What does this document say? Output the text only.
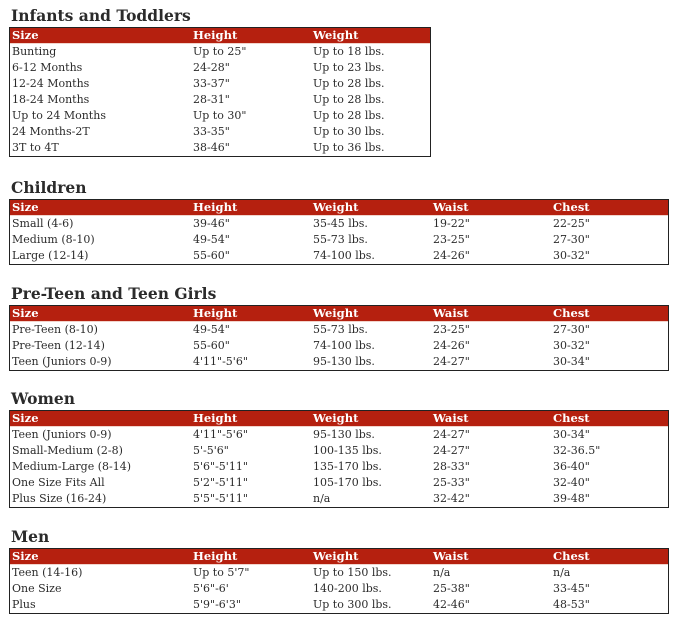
Infants and Toddlers
Size	Height	Weight
Bunting	Up to 25"	Up to 18 lbs.
6-12 Months	24-28"	Up to 23 lbs.
12-24 Months	33-37"	Up to 28 lbs.
18-24 Months	28-31"	Up to 28 lbs.
Up to 24 Months	Up to 30"	Up to 28 lbs.
24 Months-2T	33-35"	Up to 30 lbs.
3T to 4T	38-46"	Up to 36 lbs.
Children
Size	Height	Weight	Waist	Chest
Small (4-6)	39-46"	35-45 lbs.	19-22"	22-25"
Medium (8-10)	49-54"	55-73 lbs.	23-25"	27-30"
Large (12-14)	55-60"	74-100 lbs.	24-26"	30-32"
Pre-Teen and Teen Girls
Size	Height	Weight	Waist	Chest
Pre-Teen (8-10)	49-54"	55-73 lbs.	23-25"	27-30"
Pre-Teen (12-14)	55-60"	74-100 lbs.	24-26"	30-32"
Teen (Juniors 0-9)	4'11"-5'6"	95-130 lbs.	24-27"	30-34"
Women
Size	Height	Weight	Waist	Chest
Teen (Juniors 0-9)	4'11"-5'6"	95-130 lbs.	24-27"	30-34"
Small-Medium (2-8)	5'-5'6"	100-135 lbs.	24-27"	32-36.5"
Medium-Large (8-14)	5'6"-5'11"	135-170 lbs.	28-33"	36-40"
One Size Fits All	5'2"-5'11"	105-170 lbs.	25-33"	32-40"
Plus Size (16-24)	5'5"-5'11"	n/a	32-42"	39-48"
Men
Size	Height	Weight	Waist	Chest
Teen (14-16)	Up to 5'7"	Up to 150 lbs.	n/a	n/a
One Size	5'6"-6'	140-200 lbs.	25-38"	33-45"
Plus	5'9"-6'3"	Up to 300 lbs.	42-46"	48-53"
